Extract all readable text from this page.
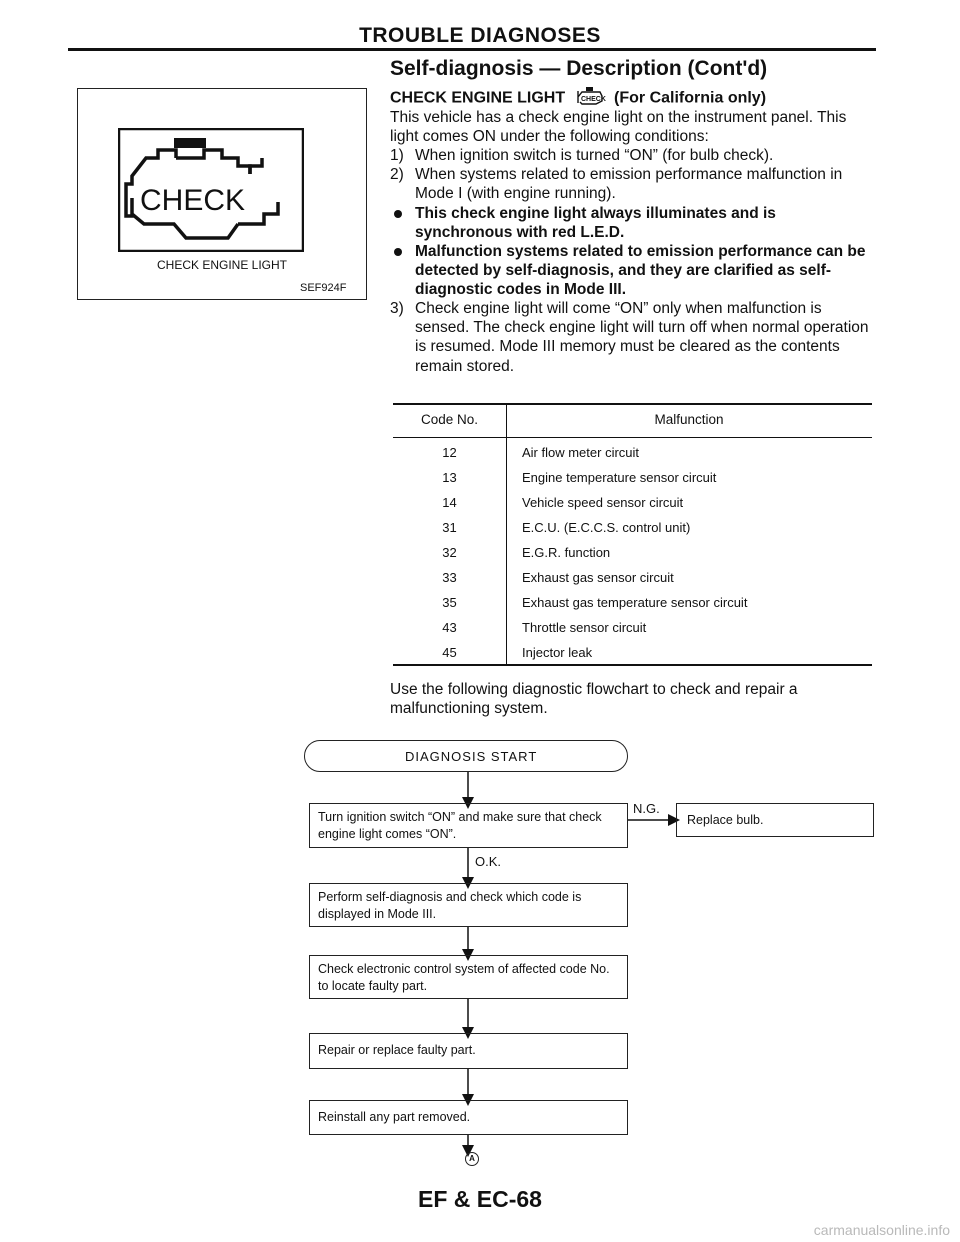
TROUBLE DIAGNOSES
CHECK
CHECK ENGINE LIGHT
SEF924F
Self-diagnosis — Description (Cont'd)
CHECK ENGINE LIGHT CHECK (For California only)
This vehicle has a check engine light on the instrument panel. This light comes ON under the following conditions:
1) When ignition switch is turned “ON” (for bulb check).
2) When systems related to emission performance malfunction in Mode I (with engine running).
This check engine light always illuminates and is synchronous with red L.E.D.
Malfunction systems related to emission performance can be detected by self-diagnosis, and they are clarified as self-diagnostic codes in Mode III.
3) Check engine light will come “ON” only when malfunction is sensed. The check engine light will turn off when normal operation is resumed. Mode III memory must be cleared as the contents remain stored.
Code No.	Malfunction
12	Air flow meter circuit
13	Engine temperature sensor circuit
14	Vehicle speed sensor circuit
31	E.C.U. (E.C.C.S. control unit)
32	E.G.R. function
33	Exhaust gas sensor circuit
35	Exhaust gas temperature sensor circuit
43	Throttle sensor circuit
45	Injector leak
Use the following diagnostic flowchart to check and repair a malfunctioning system.
DIAGNOSIS START
Turn ignition switch “ON” and make sure that check engine light comes “ON”.
N.G.
Replace bulb.
O.K.
Perform self-diagnosis and check which code is displayed in Mode III.
Check electronic control system of affected code No. to locate faulty part.
Repair or replace faulty part.
Reinstall any part removed.
A
EF & EC-68
carmanualsonline.info
